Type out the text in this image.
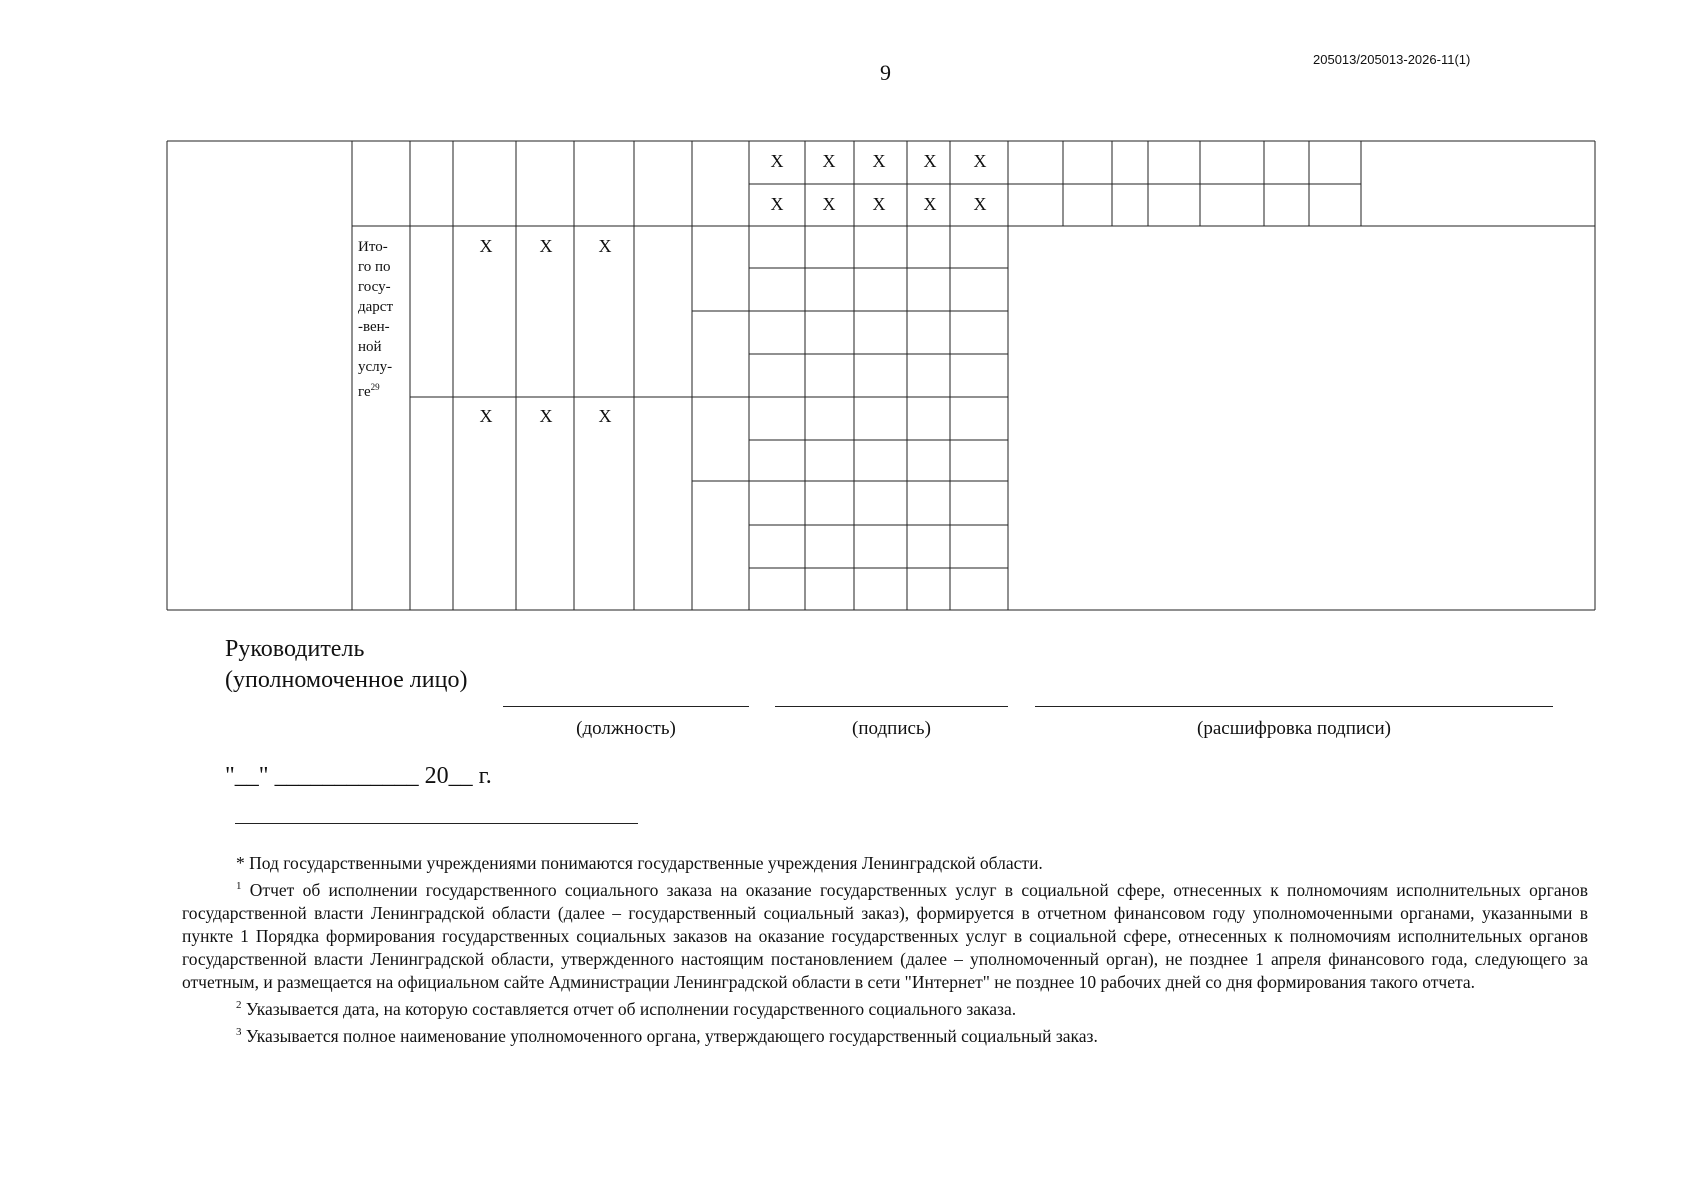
9
205013/205013-2026-11(1)
X
X
X
X
X
X
X
X
X
X
X
X
X
X
X
X
Ито-
го по
госу-
дарст
-вен-
ной
услу-
$ге^{29}$
Руководитель
(уполномоченное лицо)
(должность)	(подпись)	(расшифровка подписи)
"__" ____________ 20__ г.

* Под государственными учреждениями понимаются государственные учреждения Ленинградской области.

$^1$ Отчет об исполнении государственного социального заказа на оказание государственных услуг в социальной сфере, отнесенных к полномочиям исполнительных органов государственной власти Ленинградской области (далее – государственный социальный заказ), формируется в отчетном финансовом году уполномоченными органами, указанными в пункте 1 Порядка формирования государственных социальных заказов на оказание государственных услуг в социальной сфере, отнесенных к полномочиям исполнительных органов государственной власти Ленинградской области, утвержденного настоящим постановлением (далее – уполномоченный орган), не позднее 1 апреля финансового года, следующего за отчетным, и размещается на официальном сайте Администрации Ленинградской области в сети "Интернет" не позднее 10 рабочих дней со дня формирования такого отчета.

$^2$ Указывается дата, на которую составляется отчет об исполнении государственного социального заказа.

$^3$ Указывается полное наименование уполномоченного органа, утверждающего государственный социальный заказ.
